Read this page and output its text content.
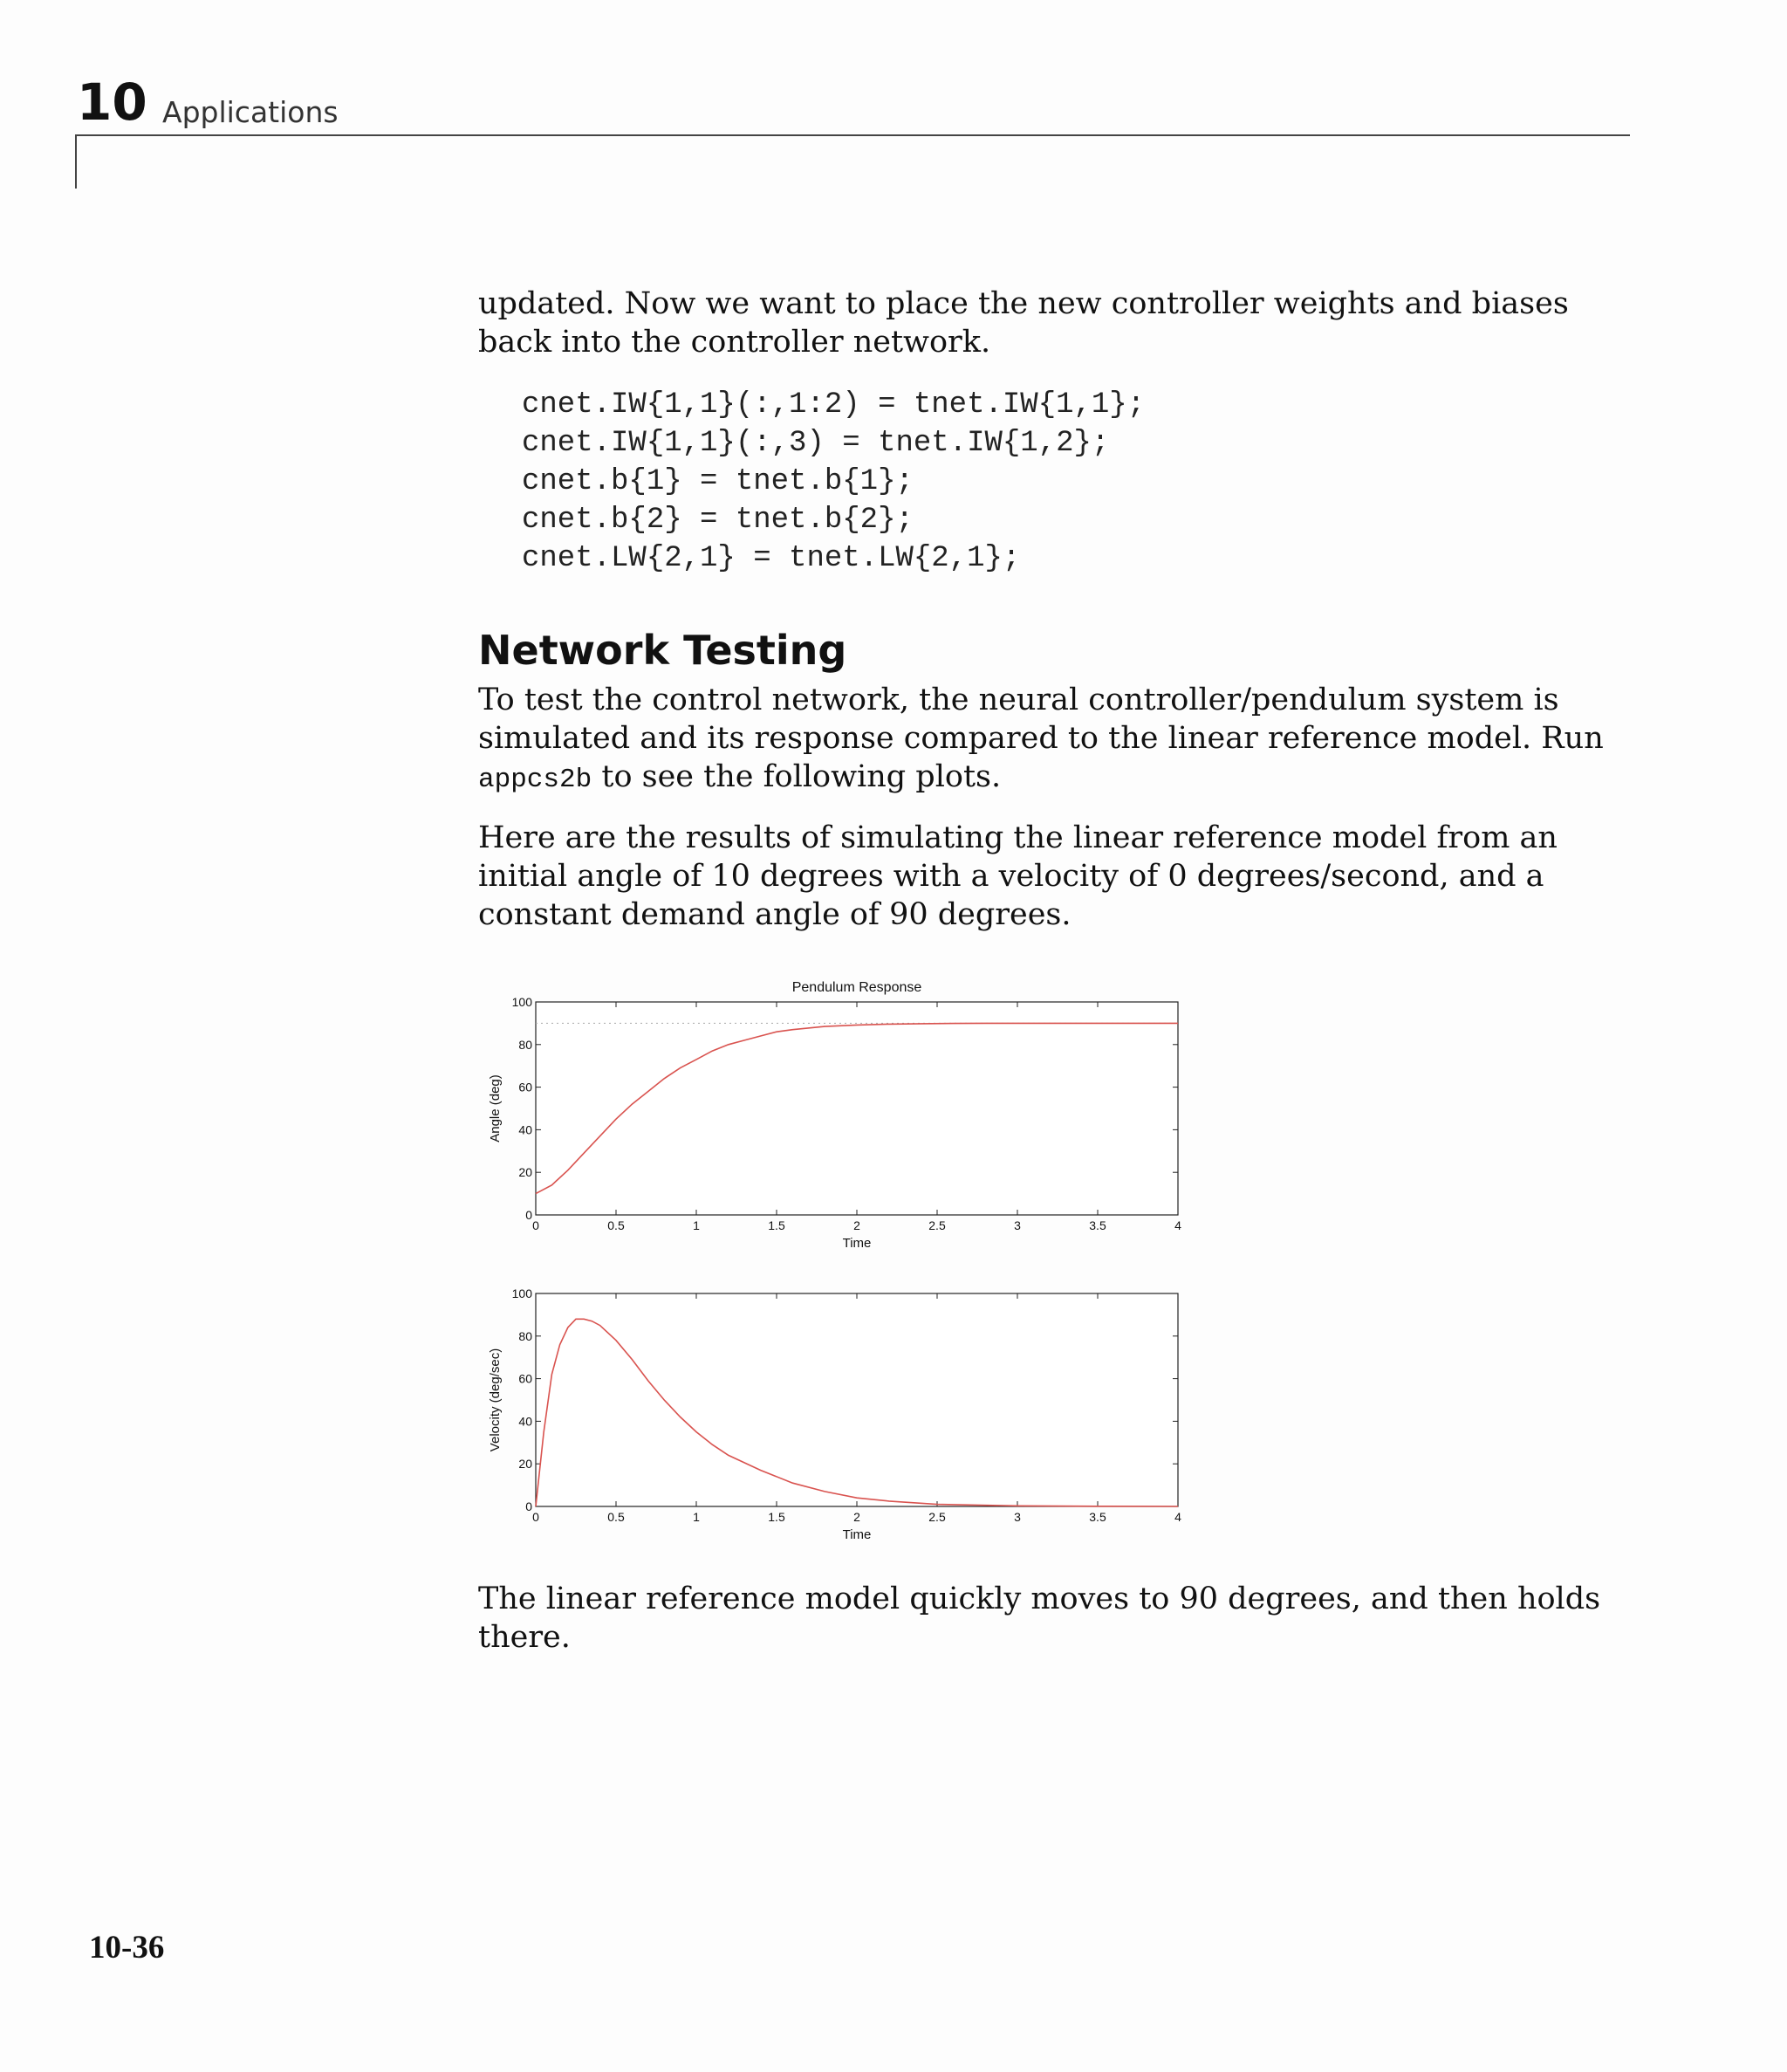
10 Applications

updated. Now we want to place the new controller weights and biases back into the controller network.

cnet.IW{1,1}(:,1:2) = tnet.IW{1,1};
cnet.IW{1,1}(:,3) = tnet.IW{1,2};
cnet.b{1} = tnet.b{1};
cnet.b{2} = tnet.b{2};
cnet.LW{2,1} = tnet.LW{2,1};
Network Testing

To test the control network, the neural controller/pendulum system is simulated and its response compared to the linear reference model. Run appcs2b to see the following plots.

Here are the results of simulating the linear reference model from an initial angle of 10 degrees with a velocity of 0 degrees/second, and a constant demand angle of 90 degrees.

Pendulum Response
0	0.5	1	1.5	2	2.5	3	3.5	4
0
20
40
60
80
100
Time
Angle (deg)
0	0.5	1	1.5	2	2.5	3	3.5	4
0
20
40
60
80
100
Time
Velocity (deg/sec)

The linear reference model quickly moves to 90 degrees, and then holds there.

10-36
